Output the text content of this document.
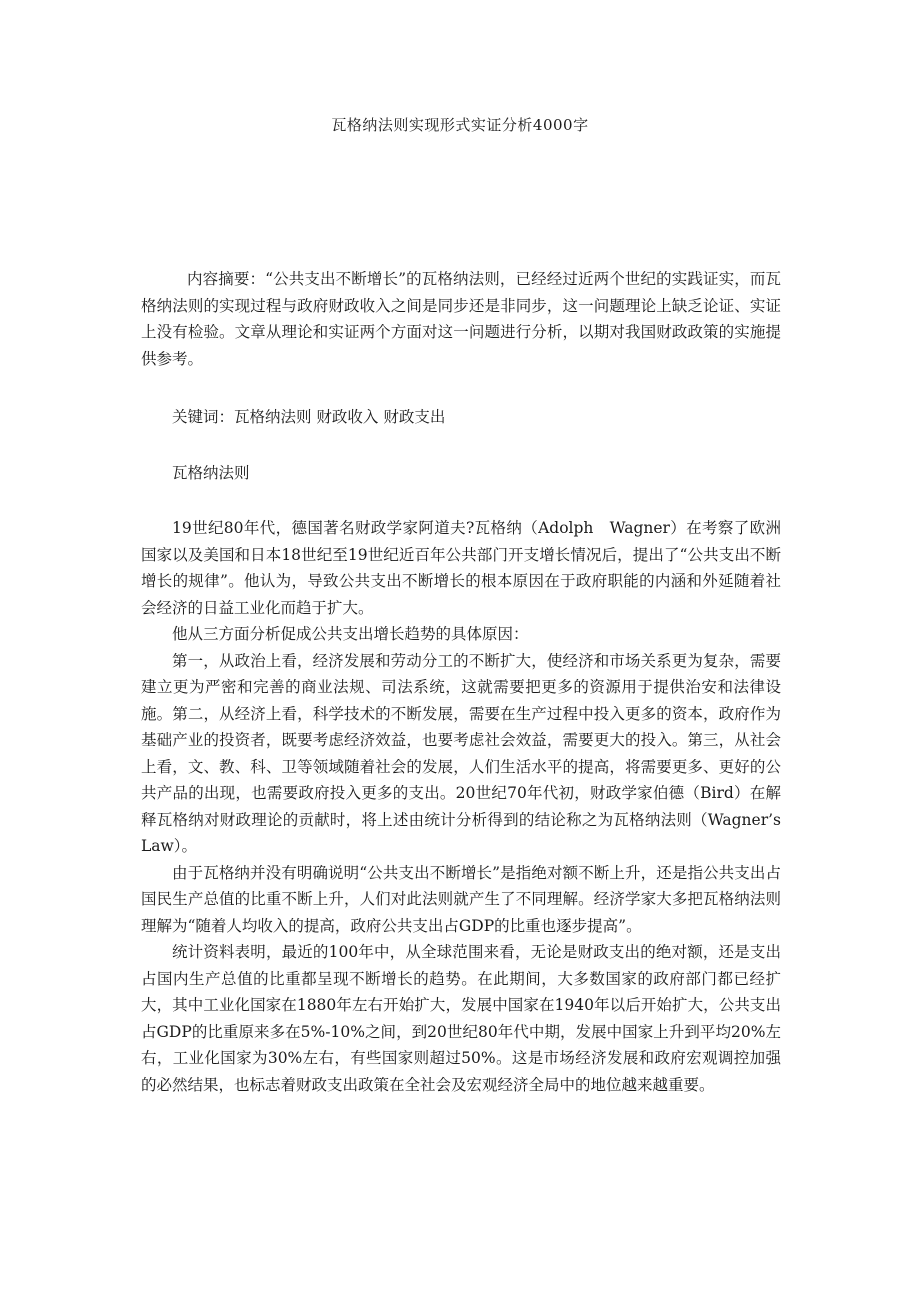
瓦格纳法则实现形式实证分析4000字

内容摘要：“公共支出不断增长”的瓦格纳法则，已经经过近两个世纪的实践证实，而瓦格纳法则的实现过程与政府财政收入之间是同步还是非同步，这一问题理论上缺乏论证、实证上没有检验。文章从理论和实证两个方面对这一问题进行分析，以期对我国财政政策的实施提供参考。

关键词：瓦格纳法则 财政收入 财政支出
瓦格纳法则

19世纪80年代，德国著名财政学家阿道夫?瓦格纳（Adolph　Wagner）在考察了欧洲国家以及美国和日本18世纪至19世纪近百年公共部门开支增长情况后，提出了“公共支出不断增长的规律”。他认为，导致公共支出不断增长的根本原因在于政府职能的内涵和外延随着社会经济的日益工业化而趋于扩大。

他从三方面分析促成公共支出增长趋势的具体原因：

第一，从政治上看，经济发展和劳动分工的不断扩大，使经济和市场关系更为复杂，需要建立更为严密和完善的商业法规、司法系统，这就需要把更多的资源用于提供治安和法律设施。第二，从经济上看，科学技术的不断发展，需要在生产过程中投入更多的资本，政府作为基础产业的投资者，既要考虑经济效益，也要考虑社会效益，需要更大的投入。第三，从社会上看，文、教、科、卫等领域随着社会的发展，人们生活水平的提高，将需要更多、更好的公共产品的出现，也需要政府投入更多的支出。20世纪70年代初，财政学家伯德（Bird）在解释瓦格纳对财政理论的贡献时，将上述由统计分析得到的结论称之为瓦格纳法则（Wagner’s Law）。

由于瓦格纳并没有明确说明“公共支出不断增长”是指绝对额不断上升，还是指公共支出占国民生产总值的比重不断上升，人们对此法则就产生了不同理解。经济学家大多把瓦格纳法则理解为“随着人均收入的提高，政府公共支出占GDP的比重也逐步提高”。

统计资料表明，最近的100年中，从全球范围来看，无论是财政支出的绝对额，还是支出占国内生产总值的比重都呈现不断增长的趋势。在此期间，大多数国家的政府部门都已经扩大，其中工业化国家在1880年左右开始扩大，发展中国家在1940年以后开始扩大，公共支出占GDP的比重原来多在5%-10%之间，到20世纪80年代中期，发展中国家上升到平均20%左右，工业化国家为30%左右，有些国家则超过50%。这是市场经济发展和政府宏观调控加强的必然结果，也标志着财政支出政策在全社会及宏观经济全局中的地位越来越重要。
